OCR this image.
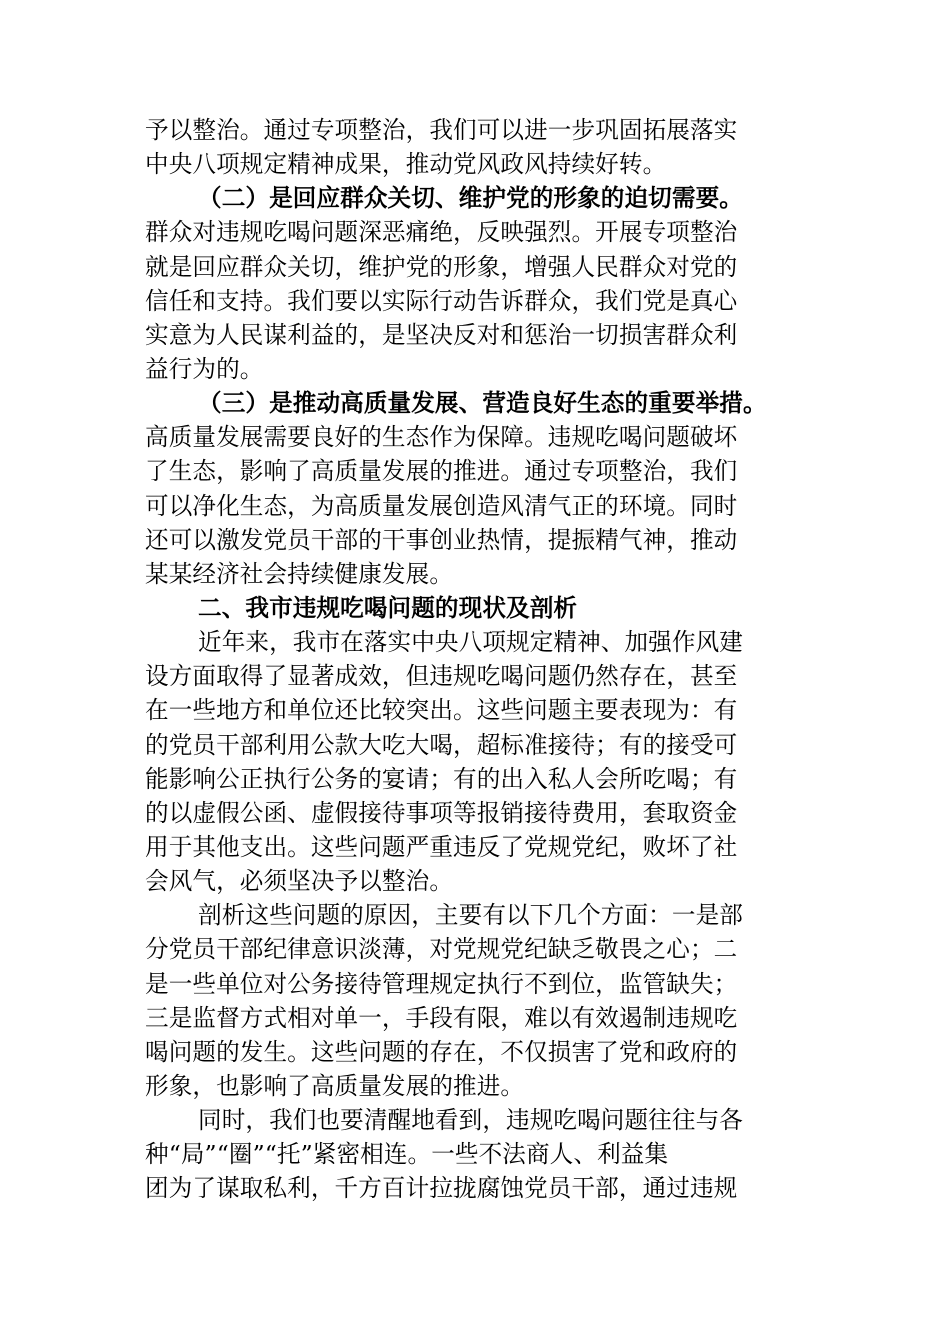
予以整治。通过专项整治，我们可以进一步巩固拓展落实
中央八项规定精神成果，推动党风政风持续好转。
（二）是回应群众关切、维护党的形象的迫切需要。
群众对违规吃喝问题深恶痛绝，反映强烈。开展专项整治
就是回应群众关切，维护党的形象，增强人民群众对党的
信任和支持。我们要以实际行动告诉群众，我们党是真心
实意为人民谋利益的，是坚决反对和惩治一切损害群众利
益行为的。
（三）是推动高质量发展、营造良好生态的重要举措。
高质量发展需要良好的生态作为保障。违规吃喝问题破坏
了生态，影响了高质量发展的推进。通过专项整治，我们
可以净化生态，为高质量发展创造风清气正的环境。同时
还可以激发党员干部的干事创业热情，提振精气神，推动
某某经济社会持续健康发展。
二、我市违规吃喝问题的现状及剖析
近年来，我市在落实中央八项规定精神、加强作风建
设方面取得了显著成效，但违规吃喝问题仍然存在，甚至
在一些地方和单位还比较突出。这些问题主要表现为：有
的党员干部利用公款大吃大喝，超标准接待；有的接受可
能影响公正执行公务的宴请；有的出入私人会所吃喝；有
的以虚假公函、虚假接待事项等报销接待费用，套取资金
用于其他支出。这些问题严重违反了党规党纪，败坏了社
会风气，必须坚决予以整治。
剖析这些问题的原因，主要有以下几个方面：一是部
分党员干部纪律意识淡薄，对党规党纪缺乏敬畏之心；二
是一些单位对公务接待管理规定执行不到位，监管缺失；
三是监督方式相对单一，手段有限，难以有效遏制违规吃
喝问题的发生。这些问题的存在，不仅损害了党和政府的
形象，也影响了高质量发展的推进。
同时，我们也要清醒地看到，违规吃喝问题往往与各
种“局”“圈”“托”紧密相连。一些不法商人、利益集
团为了谋取私利，千方百计拉拢腐蚀党员干部，通过违规
